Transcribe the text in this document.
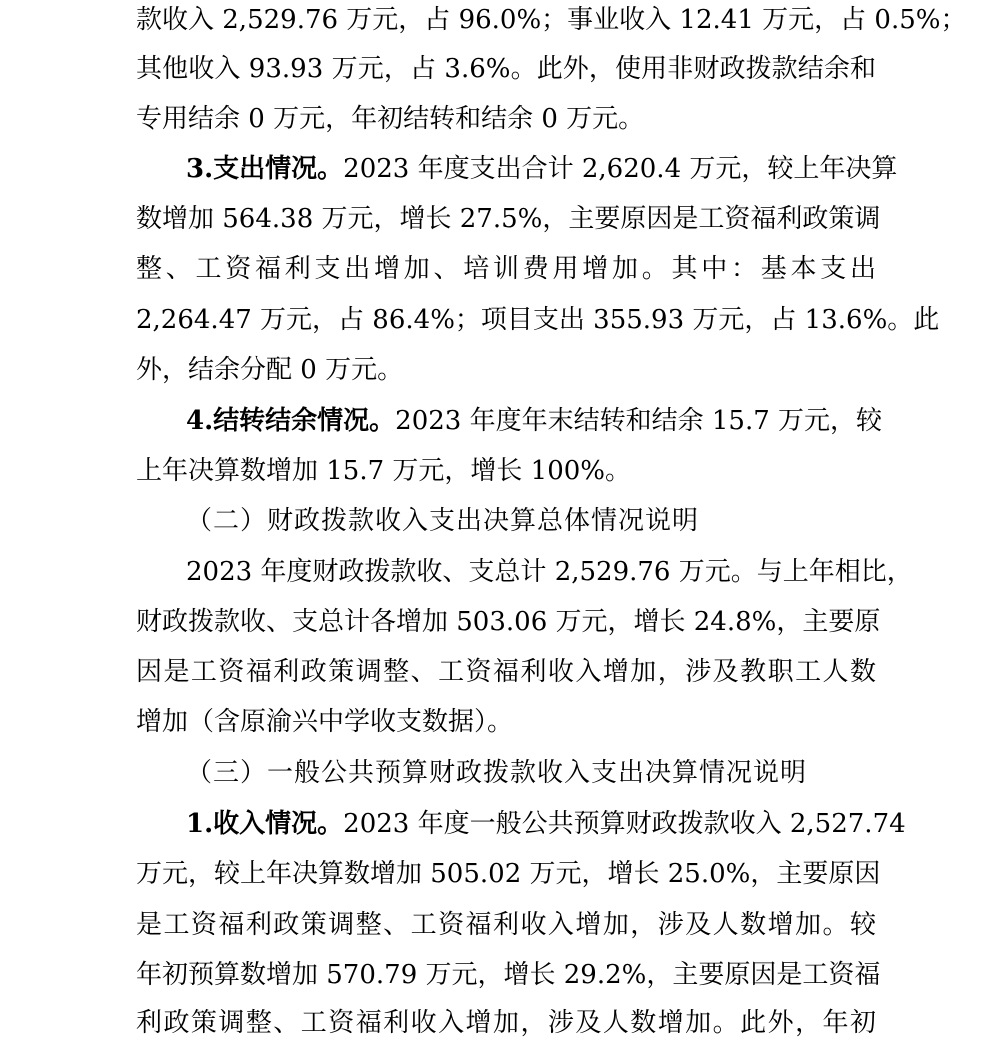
款收入 2,529.76 万元，占 96.0%；事业收入 12.41 万元，占 0.5%；
其他收入 93.93 万元，占 3.6%。此外，使用非财政拨款结余和
专用结余 0 万元，年初结转和结余 0 万元。
3.支出情况。2023 年度支出合计 2,620.4 万元，较上年决算
数增加 564.38 万元，增长 27.5%，主要原因是工资福利政策调
整、工资福利支出增加、培训费用增加。其中：基本支出
2,264.47 万元，占 86.4%；项目支出 355.93 万元，占 13.6%。此
外，结余分配 0 万元。
4.结转结余情况。2023 年度年末结转和结余 15.7 万元，较
上年决算数增加 15.7 万元，增长 100%。
（二）财政拨款收入支出决算总体情况说明
2023 年度财政拨款收、支总计 2,529.76 万元。与上年相比，
财政拨款收、支总计各增加 503.06 万元，增长 24.8%，主要原
因是工资福利政策调整、工资福利收入增加，涉及教职工人数
增加（含原渝兴中学收支数据）。
（三）一般公共预算财政拨款收入支出决算情况说明
1.收入情况。2023 年度一般公共预算财政拨款收入 2,527.74
万元，较上年决算数增加 505.02 万元，增长 25.0%，主要原因
是工资福利政策调整、工资福利收入增加，涉及人数增加。较
年初预算数增加 570.79 万元，增长 29.2%，主要原因是工资福
利政策调整、工资福利收入增加，涉及人数增加。此外，年初
